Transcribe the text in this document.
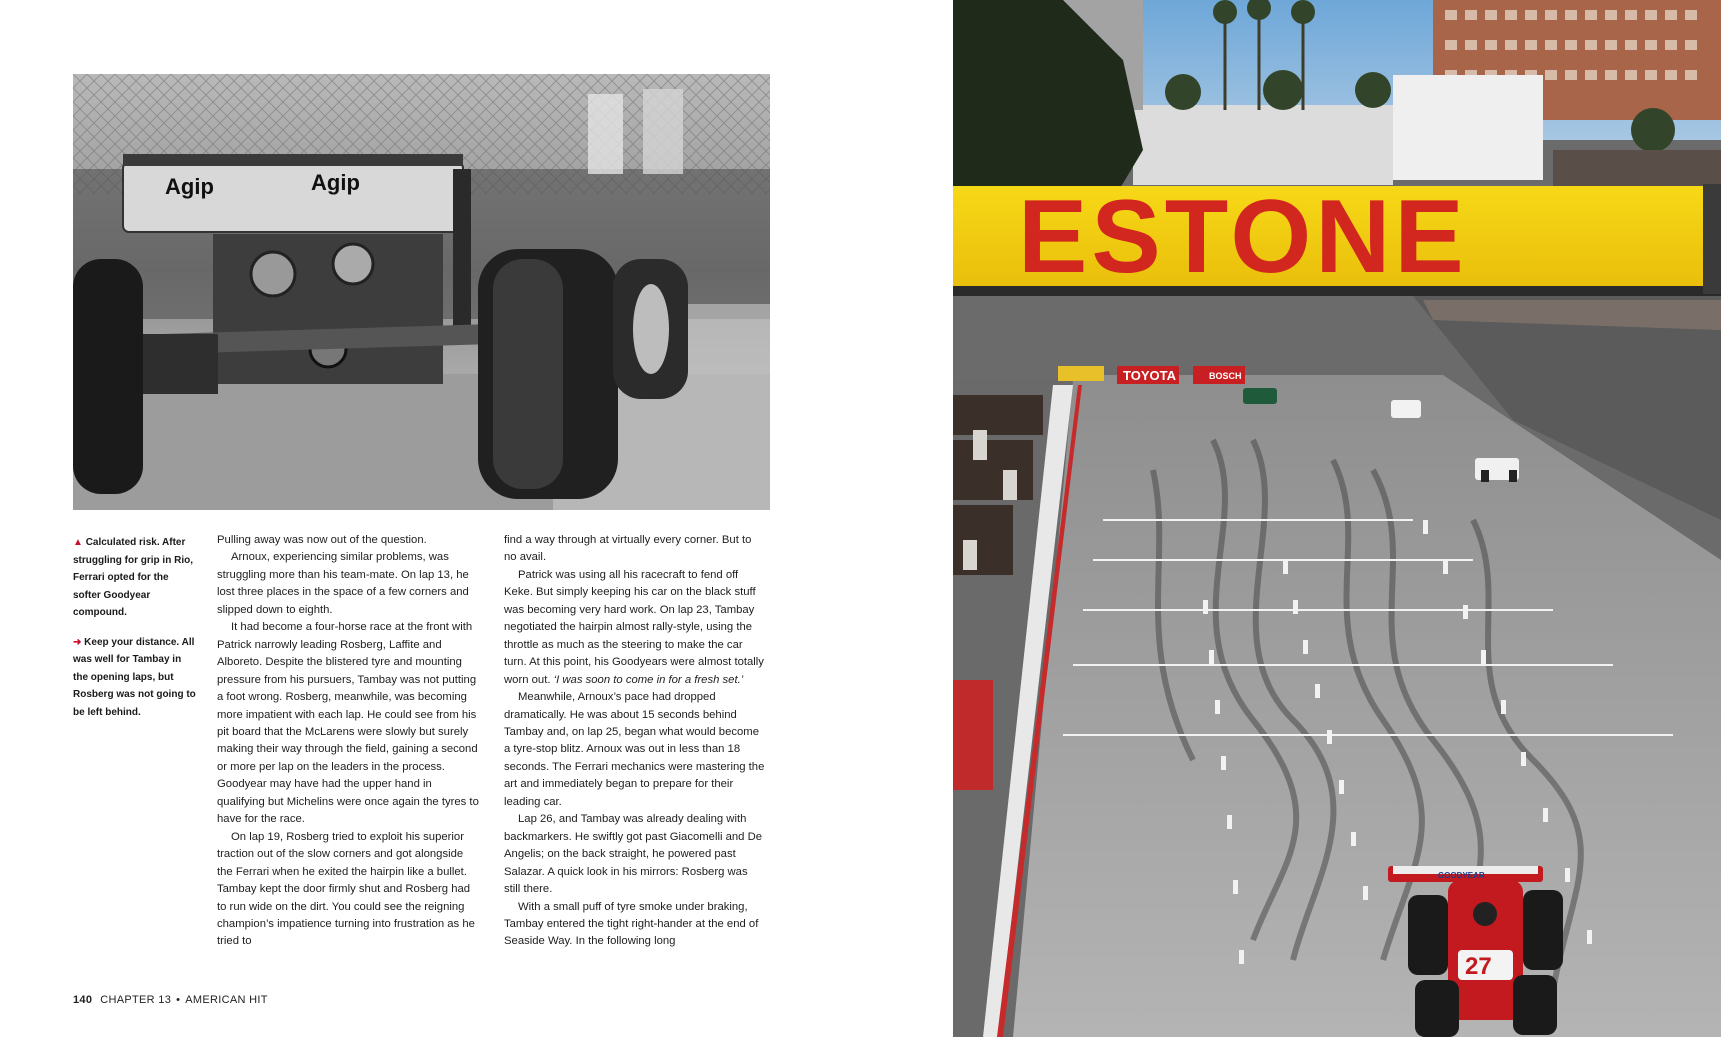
Agip	Agip

▲ Calculated risk. After struggling for grip in Rio, Ferrari opted for the softer Goodyear compound.

➜ Keep your distance. All was well for Tambay in the opening laps, but Rosberg was not going to be left behind.

Pulling away was now out of the question.

Arnoux, experiencing similar problems, was struggling more than his team-mate. On lap 13, he lost three places in the space of a few corners and slipped down to eighth.

It had become a four-horse race at the front with Patrick narrowly leading Rosberg, Laffite and Alboreto. Despite the blistered tyre and mounting pressure from his pursuers, Tambay was not putting a foot wrong. Rosberg, meanwhile, was becoming more impatient with each lap. He could see from his pit board that the McLarens were slowly but surely making their way through the field, gaining a second or more per lap on the leaders in the process. Goodyear may have had the upper hand in qualifying but Michelins were once again the tyres to have for the race.

On lap 19, Rosberg tried to exploit his superior traction out of the slow corners and got alongside the Ferrari when he exited the hairpin like a bullet. Tambay kept the door firmly shut and Rosberg had to run wide on the dirt. You could see the reigning champion’s impatience turning into frustration as he tried to

find a way through at virtually every corner. But to no avail.

Patrick was using all his racecraft to fend off Keke. But simply keeping his car on the black stuff was becoming very hard work. On lap 23, Tambay negotiated the hairpin almost rally-style, using the throttle as much as the steering to make the car turn. At this point, his Goodyears were almost totally worn out. ‘I was soon to come in for a fresh set.’

Meanwhile, Arnoux’s pace had dropped dramatically. He was about 15 seconds behind Tambay and, on lap 25, began what would become a tyre-stop blitz. Arnoux was out in less than 18 seconds. The Ferrari mechanics were mastering the art and immediately began to prepare for their leading car.

Lap 26, and Tambay was already dealing with backmarkers. He swiftly got past Giacomelli and De Angelis; on the back straight, he powered past Salazar. A quick look in his mirrors: Rosberg was still there.

With a small puff of tyre smoke under braking, Tambay entered the tight right-hander at the end of Seaside Way. In the following long

140 CHAPTER 13 • AMERICAN HIT
ESTONE
TOYOTA	BOSCH
27
GOODYEAR
